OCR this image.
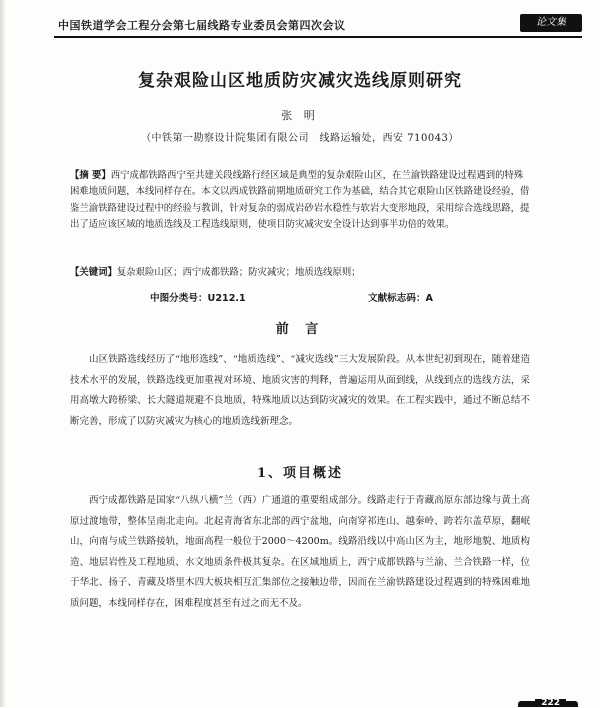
中国铁道学会工程分会第七届线路专业委员会第四次会议	论文集
复杂艰险山区地质防灾减灾选线原则研究
张 明
（中铁第一勘察设计院集团有限公司　线路运输处，西安 710043）
【摘 要】西宁成都铁路西宁至共建关段线路行经区域是典型的复杂艰险山区，在兰渝铁路建设过程遇到的特殊困难地质问题，本线同样存在。本文以西成铁路前期地质研究工作为基础，结合其它艰险山区铁路建设经验，借鉴兰渝铁路建设过程中的经验与教训，针对复杂的弱成岩砂岩水稳性与软岩大变形地段，采用综合选线思路，提出了适应该区域的地质选线及工程选线原则，使项目防灾减灾安全设计达到事半功倍的效果。
【关键词】复杂艰险山区；西宁成都铁路；防灾减灾；地质选线原则；
中图分类号：U212.1	文献标志码：A
前 言
山区铁路选线经历了“地形选线”、“地质选线”、“减灾选线”三大发展阶段。从本世纪初到现在，随着建造技术水平的发展，铁路选线更加重视对环境、地质灾害的判释，普遍运用从面到线，从线到点的选线方法，采用高墩大跨桥梁、长大隧道规避不良地质，特殊地质以达到防灾减灾的效果。在工程实践中，通过不断总结不断完善，形成了以防灾减灾为核心的地质选线新理念。
1、项目概述
西宁成都铁路是国家“八纵八横”兰（西）广通道的重要组成部分。线路走行于青藏高原东部边缘与黄土高原过渡地带，整体呈南北走向。北起青海省东北部的西宁盆地，向南穿祁连山、越秦岭、跨若尔盖草原，翻岷山，向南与成兰铁路接轨，地面高程一般位于2000～4200m。线路沿线以中高山区为主，地形地貌、地质构造、地层岩性及工程地质、水文地质条件极其复杂。在区域地质上，西宁成都铁路与兰渝、兰合铁路一样，位于华北、扬子、青藏及塔里木四大板块相互汇集部位之接触边带，因而在兰渝铁路建设过程遇到的特殊困难地质问题，本线同样存在，困难程度甚至有过之而无不及。
222
